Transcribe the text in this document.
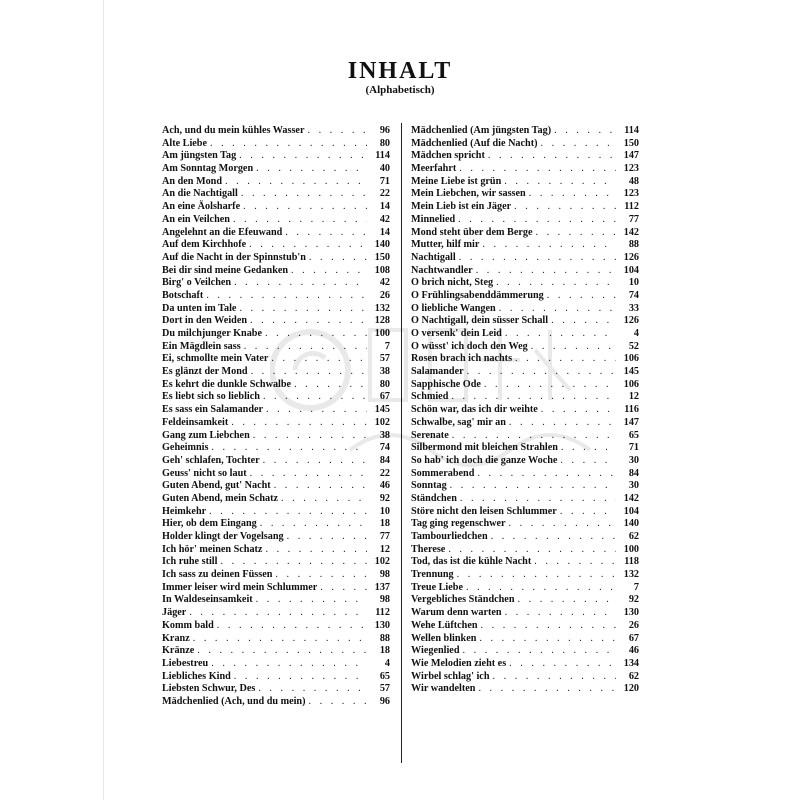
INHALT
(Alphabetisch)
Ach, und du mein kühles Wasser . . .	96
Alte Liebe . . .	80
Am jüngsten Tag . . .	114
Am Sonntag Morgen . . .	40
An den Mond . . .	71
An die Nachtigall . . .	22
An eine Äolsharfe . . .	14
An ein Veilchen . . .	42
Angelehnt an die Efeuwand . . .	14
Auf dem Kirchhofe . . .	140
Auf die Nacht in der Spinnstub'n . . .	150
Bei dir sind meine Gedanken . . .	108
Birg' o Veilchen . . .	42
Botschaft . . .	26
Da unten im Tale . . .	132
Dort in den Weiden . . .	128
Du milchjunger Knabe . . .	100
Ein Mägdlein sass . . .	7
Ei, schmollte mein Vater . . .	57
Es glänzt der Mond . . .	38
Es kehrt die dunkle Schwalbe . . .	80
Es liebt sich so lieblich . . .	67
Es sass ein Salamander . . .	145
Feldeinsamkeit . . .	102
Gang zum Liebchen . . .	38
Geheimnis . . .	74
Geh' schlafen, Tochter . . .	84
Geuss' nicht so laut . . .	22
Guten Abend, gut' Nacht . . .	46
Guten Abend, mein Schatz . . .	92
Heimkehr . . .	10
Hier, ob dem Eingang . . .	18
Holder klingt der Vogelsang . . .	77
Ich hör' meinen Schatz . . .	12
Ich ruhe still . . .	102
Ich sass zu deinen Füssen . . .	98
Immer leiser wird mein Schlummer . . .	137
In Waldeseinsamkeit . . .	98
Jäger . . .	112
Komm bald . . .	130
Kranz . . .	88
Kränze . . .	18
Liebestreu . . .	4
Liebliches Kind . . .	65
Liebsten Schwur, Des . . .	57
Mädchenlied (Ach, und du mein) . . .	96
Mädchenlied (Am jüngsten Tag) . . .	114
Mädchenlied (Auf die Nacht) . . .	150
Mädchen spricht . . .	147
Meerfahrt . . .	123
Meine Liebe ist grün . . .	48
Mein Liebchen, wir sassen . . .	123
Mein Lieb ist ein Jäger . . .	112
Minnelied . . .	77
Mond steht über dem Berge . . .	142
Mutter, hilf mir . . .	88
Nachtigall . . .	126
Nachtwandler . . .	104
O brich nicht, Steg . . .	10
O Frühlingsabenddämmerung . . .	74
O liebliche Wangen . . .	33
O Nachtigall, dein süsser Schall . . .	126
O versenk' dein Leid . . .	4
O wüsst' ich doch den Weg . . .	52
Rosen brach ich nachts . . .	106
Salamander . . .	145
Sapphische Ode . . .	106
Schmied . . .	12
Schön war, das ich dir weihte . . .	116
Schwalbe, sag' mir an . . .	147
Serenate . . .	65
Silbermond mit bleichen Strahlen . . .	71
So hab' ich doch die ganze Woche . . .	30
Sommerabend . . .	84
Sonntag . . .	30
Ständchen . . .	142
Störe nicht den leisen Schlummer . . .	104
Tag ging regenschwer . . .	140
Tambourliedchen . . .	62
Therese . . .	100
Tod, das ist die kühle Nacht . . .	118
Trennung . . .	132
Treue Liebe . . .	7
Vergebliches Ständchen . . .	92
Warum denn warten . . .	130
Wehe Lüftchen . . .	26
Wellen blinken . . .	67
Wiegenlied . . .	46
Wie Melodien zieht es . . .	134
Wirbel schlag' ich . . .	62
Wir wandelten . . .	120
